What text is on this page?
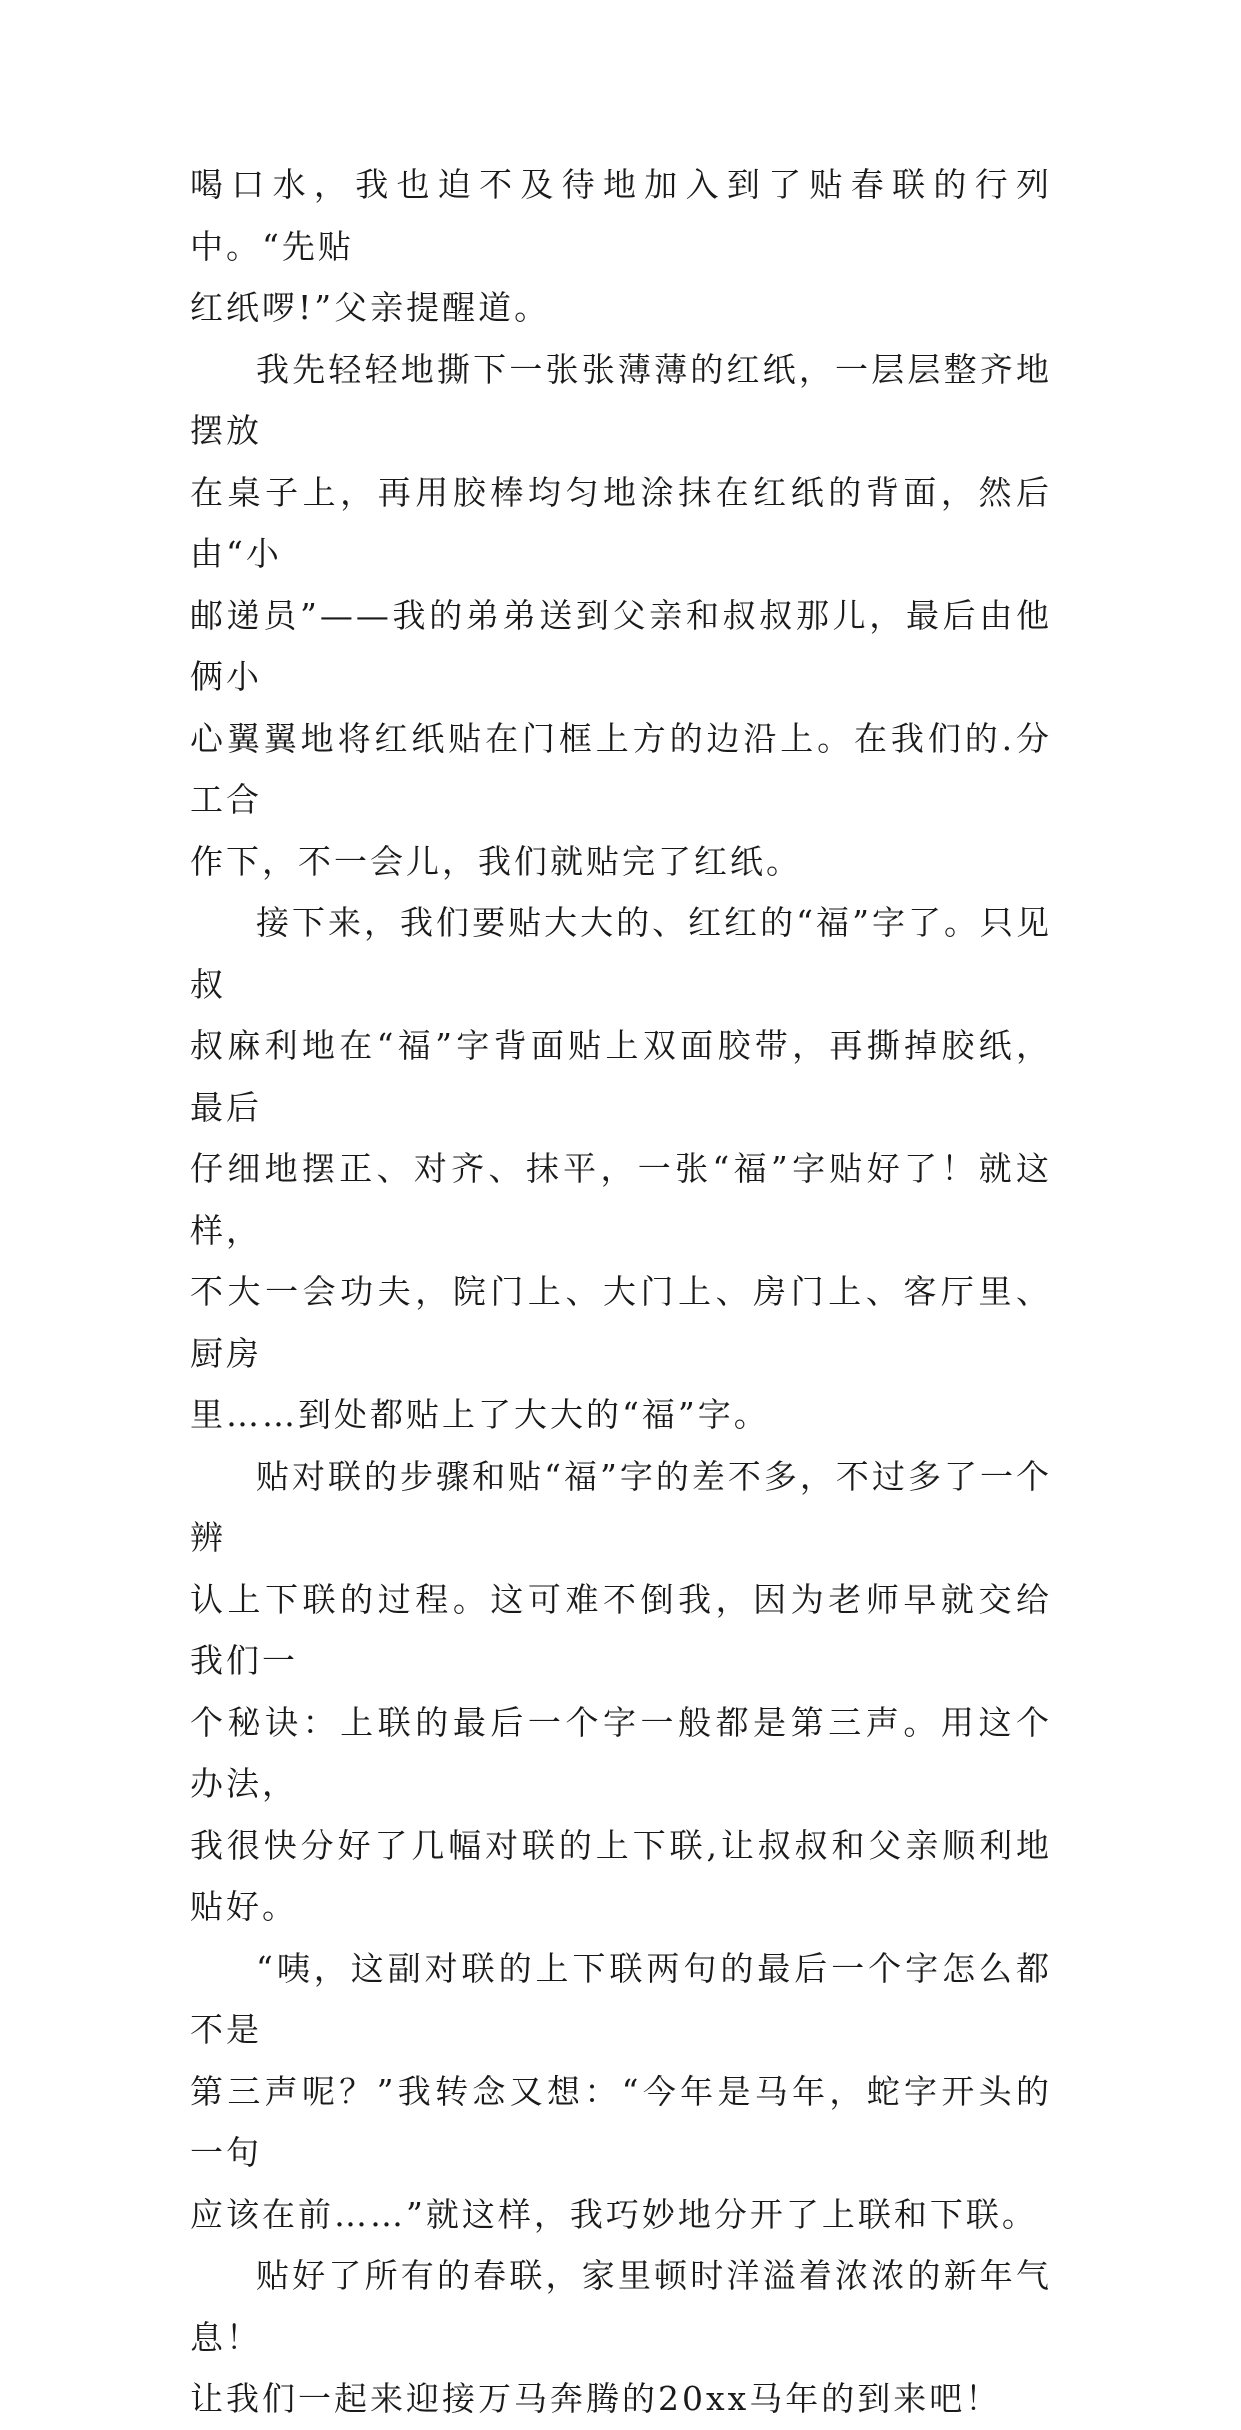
喝口水，我也迫不及待地加入到了贴春联的行列中。“先贴
红纸啰!”父亲提醒道。

我先轻轻地撕下一张张薄薄的红纸，一层层整齐地摆放
在桌子上，再用胶棒均匀地涂抹在红纸的背面，然后由“小
邮递员”——我的弟弟送到父亲和叔叔那儿，最后由他俩小
心翼翼地将红纸贴在门框上方的边沿上。在我们的.分工合
作下，不一会儿，我们就贴完了红纸。

接下来，我们要贴大大的、红红的“福”字了。只见叔
叔麻利地在“福”字背面贴上双面胶带，再撕掉胶纸，最后
仔细地摆正、对齐、抹平，一张“福”字贴好了！就这样，
不大一会功夫，院门上、大门上、房门上、客厅里、厨房
里……到处都贴上了大大的“福”字。

贴对联的步骤和贴“福”字的差不多，不过多了一个辨
认上下联的过程。这可难不倒我，因为老师早就交给我们一
个秘诀：上联的最后一个字一般都是第三声。用这个办法，
我很快分好了几幅对联的上下联,让叔叔和父亲顺利地贴好。

“咦，这副对联的上下联两句的最后一个字怎么都不是
第三声呢？”我转念又想：“今年是马年，蛇字开头的一句
应该在前……”就这样，我巧妙地分开了上联和下联。

贴好了所有的春联，家里顿时洋溢着浓浓的新年气息！
让我们一起来迎接万马奔腾的20xx马年的到来吧！
